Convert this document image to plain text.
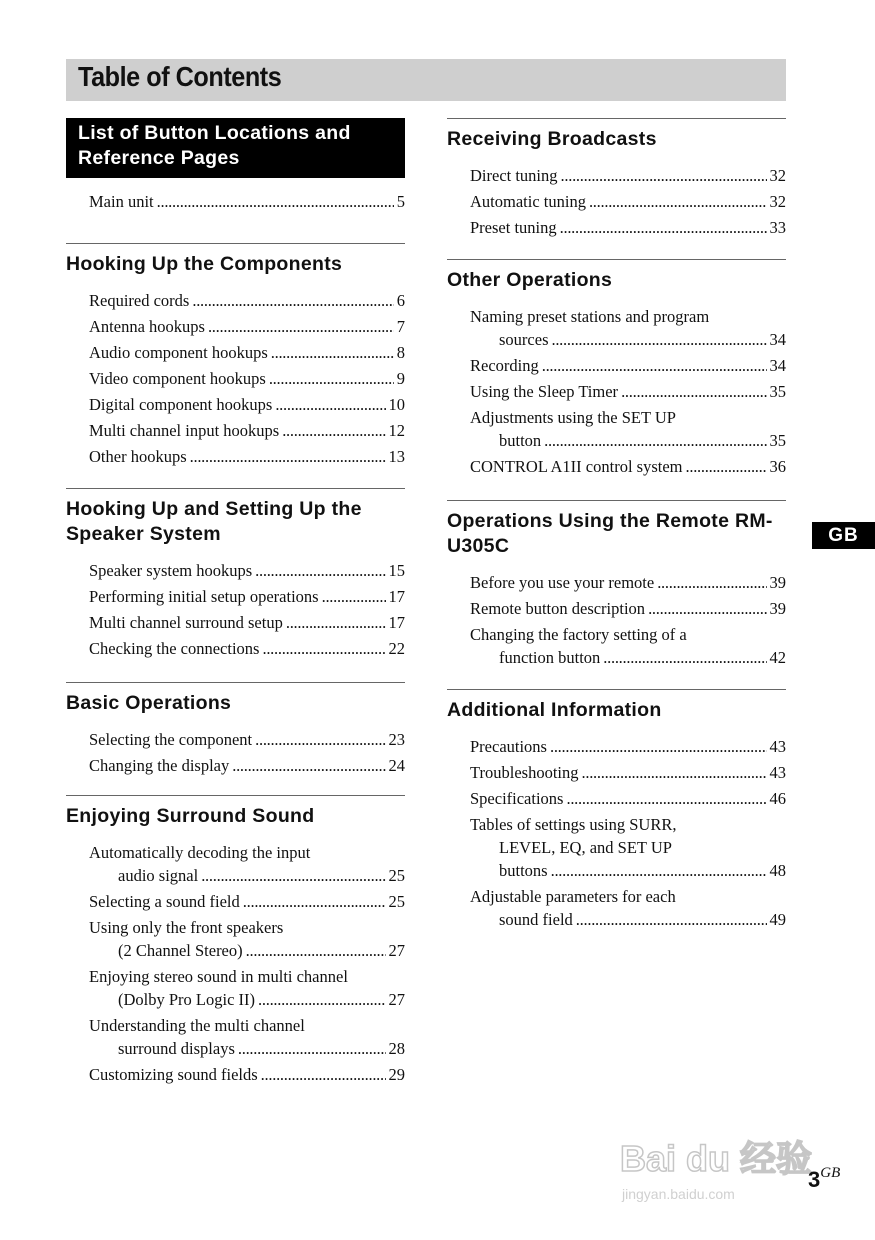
Table of Contents
List of Button Locations and Reference Pages
Main unit . . .	5
Hooking Up the Components
Required cords . . .	6
Antenna hookups . . .	7
Audio component hookups . . .	8
Video component hookups . . .	9
Digital component hookups . . .	10
Multi channel input hookups . . .	12
Other hookups . . .	13
Hooking Up and Setting Up the Speaker System
Speaker system hookups . . .	15
Performing initial setup operations . . .	17
Multi channel surround setup . . .	17
Checking the connections . . .	22
Basic Operations
Selecting the component . . .	23
Changing the display . . .	24
Enjoying Surround Sound
Automatically decoding the input
audio signal . . .	25
Selecting a sound field . . .	25
Using only the front speakers
(2 Channel Stereo) . . .	27
Enjoying stereo sound in multi channel
(Dolby Pro Logic II) . . .	27
Understanding the multi channel
surround displays . . .	28
Customizing sound fields . . .	29
Receiving Broadcasts
Direct tuning . . .	32
Automatic tuning . . .	32
Preset tuning . . .	33
Other Operations
Naming preset stations and program
sources . . .	34
Recording . . .	34
Using the Sleep Timer . . .	35
Adjustments using the SET UP
button . . .	35
CONTROL A1II control system . . .	36
Operations Using the Remote RM-U305C
Before you use your remote . . .	39
Remote button description . . .	39
Changing the factory setting of a
function button . . .	42
Additional Information
Precautions . . .	43
Troubleshooting . . .	43
Specifications . . .	46
Tables of settings using SURR,
LEVEL, EQ, and SET UP
buttons . . .	48
Adjustable parameters for each
sound field . . .	49
GB
Bai du 经验
jingyan.baidu.com
$3^{GB}$
